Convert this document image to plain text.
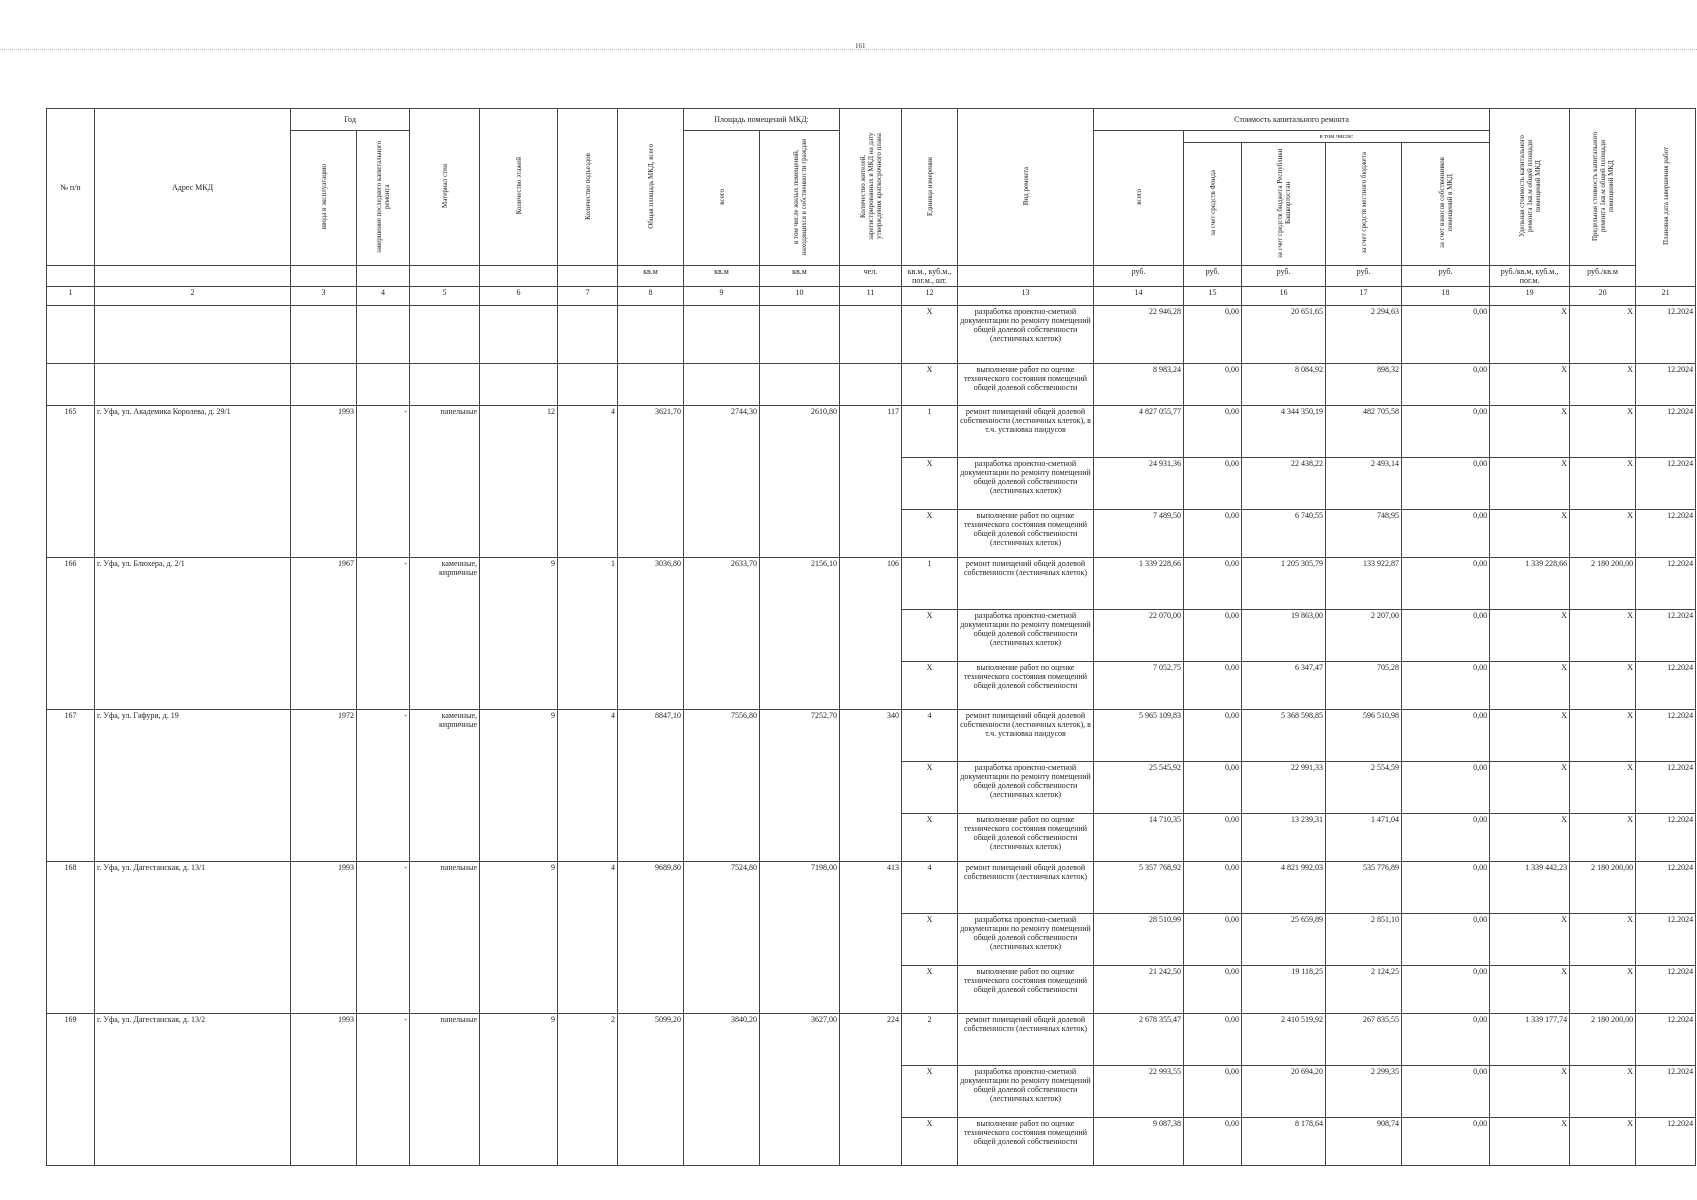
161
№ п/п	Адрес МКД	Год		Материал стен	Количество этажей	Количество подъездов	Общая площадь МКД, всего	Площадь помещений МКД:		Количество жителей, зарегистрированных в МКД на дату утверждения краткосрочного плана	Единица измерения	Вид ремонта	Стоимость капитального ремонта					Удельная стоимость капитального ремонта 1кв.м общей площади помещений МКД	Предельная стоимость капитального ремонта 1кв.м общей площади помещений МКД	Плановая дата завершения работ
		ввода в эксплуатацию	завершение последнего капитального ремонта					всего	в том числе жилых помещений, находящихся в собственности граждан				всего	в том числе:						
														за счет средств Фонда	за счет средств бюджета Республики Башкортостан	за счет средств местного бюджета	за счет взносов собственников помещений в МКД			
							кв.м	кв.м	кв.м	чел.	кв.м., куб.м., пог.м., шт.		руб.	руб.	руб.	руб.	руб.	руб./кв.м, куб.м., пог.м.	руб./кв.м	
1	2	3	4	5	6	7	8	9	10	11	12	13	14	15	16	17	18	19	20	21
											X	разработка проектно-сметной документации по ремонту помещений общей долевой собственности (лестничных клеток)	22 946,28	0,00	20 651,65	2 294,63	0,00	X	X	12.2024
											X	выполнение работ по оценке технического состояния помещений общей долевой собственности	8 983,24	0,00	8 084,92	898,32	0,00	X	X	12.2024
165	г. Уфа, ул. Академика Королева, д. 29/1	1993	-	панельные	12	4	3621,70	2744,30	2610,80	117	1	ремонт помещений общей долевой собственности (лестничных клеток), в т.ч. установка пандусов	4 827 055,77	0,00	4 344 350,19	482 705,58	0,00	X	X	12.2024
											X	разработка проектно-сметной документации по ремонту помещений общей долевой собственности (лестничных клеток)	24 931,36	0,00	22 438,22	2 493,14	0,00	X	X	12.2024
											X	выполнение работ по оценке технического состояния помещений общей долевой собственности (лестничных клеток)	7 489,50	0,00	6 740,55	748,95	0,00	X	X	12.2024
166	г. Уфа, ул. Блюхера, д. 2/1	1967	-	каменные, кирпичные	9	1	3036,80	2633,70	2156,10	106	1	ремонт помещений общей долевой собственности (лестничных клеток)	1 339 228,66	0,00	1 205 305,79	133 922,87	0,00	1 339 228,66	2 180 200,00	12.2024
											X	разработка проектно-сметной документации по ремонту помещений общей долевой собственности (лестничных клеток)	22 070,00	0,00	19 863,00	2 207,00	0,00	X	X	12.2024
											X	выполнение работ по оценке технического состояния помещений общей долевой собственности	7 052,75	0,00	6 347,47	705,28	0,00	X	X	12.2024
167	г. Уфа, ул. Гафури, д. 19	1972	-	каменные, кирпичные	9	4	8847,10	7556,80	7252,70	340	4	ремонт помещений общей долевой собственности (лестничных клеток), в т.ч. установка пандусов	5 965 109,83	0,00	5 368 598,85	596 510,98	0,00	X	X	12.2024
											X	разработка проектно-сметной документации по ремонту помещений общей долевой собственности (лестничных клеток)	25 545,92	0,00	22 991,33	2 554,59	0,00	X	X	12.2024
											X	выполнение работ по оценке технического состояния помещений общей долевой собственности (лестничных клеток)	14 710,35	0,00	13 239,31	1 471,04	0,00	X	X	12.2024
168	г. Уфа, ул. Дагестанская, д. 13/1	1993	-	панельные	9	4	9689,80	7524,80	7198,00	413	4	ремонт помещений общей долевой собственности (лестничных клеток)	5 357 768,92	0,00	4 821 992,03	535 776,89	0,00	1 339 442,23	2 180 200,00	12.2024
											X	разработка проектно-сметной документации по ремонту помещений общей долевой собственности (лестничных клеток)	28 510,99	0,00	25 659,89	2 851,10	0,00	X	X	12.2024
											X	выполнение работ по оценке технического состояния помещений общей долевой собственности	21 242,50	0,00	19 118,25	2 124,25	0,00	X	X	12.2024
169	г. Уфа, ул. Дагестанская, д. 13/2	1993	-	панельные	9	2	5099,20	3840,20	3627,00	224	2	ремонт помещений общей долевой собственности (лестничных клеток)	2 678 355,47	0,00	2 410 519,92	267 835,55	0,00	1 339 177,74	2 180 200,00	12.2024
											X	разработка проектно-сметной документации по ремонту помещений общей долевой собственности (лестничных клеток)	22 993,55	0,00	20 694,20	2 299,35	0,00	X	X	12.2024
											X	выполнение работ по оценке технического состояния помещений общей долевой собственности	9 087,38	0,00	8 178,64	908,74	0,00	X	X	12.2024
